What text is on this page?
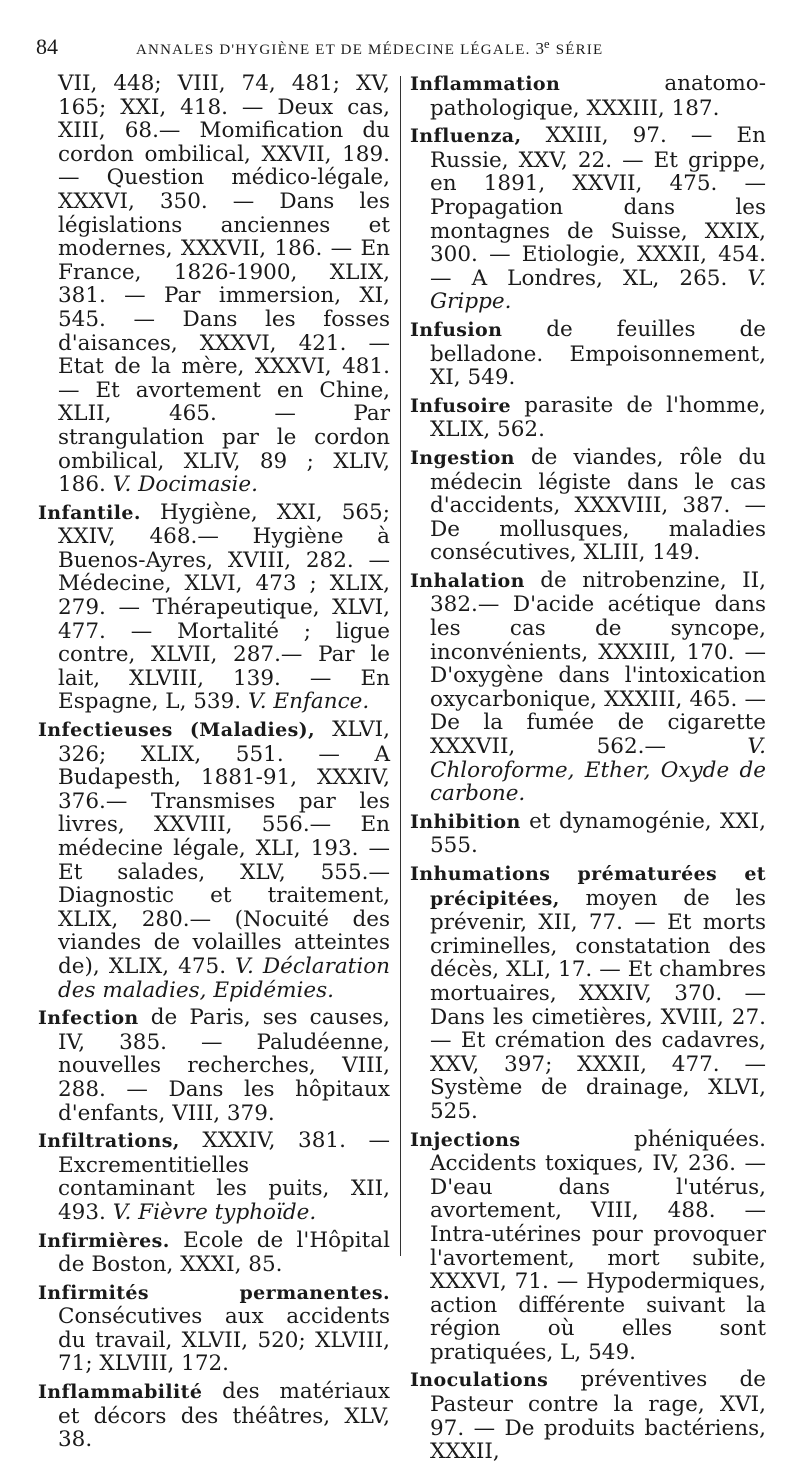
84	ANNALES D'HYGIÈNE ET DE MÉDECINE LÉGALE. 3e SÉRIE

VII, 448; VIII, 74, 481; XV, 165; XXI, 418. — Deux cas, XIII, 68.— Momification du cordon ombilical, XXVII, 189. — Question médico-légale, XXXVI, 350. — Dans les législations anciennes et modernes, XXXVII, 186. — En France, 1826-1900, XLIX, 381. — Par immersion, XI, 545. — Dans les fosses d'aisances, XXXVI, 421. — Etat de la mère, XXXVI, 481. — Et avortement en Chine, XLII, 465. — Par strangulation par le cordon ombilical, XLIV, 89 ; XLIV, 186. V. Docimasie.

Infantile. Hygiène, XXI, 565; XXIV, 468.— Hygiène à Buenos-Ayres, XVIII, 282. — Médecine, XLVI, 473 ; XLIX, 279. — Thérapeutique, XLVI, 477. — Mortalité ; ligue contre, XLVII, 287.— Par le lait, XLVIII, 139. — En Espagne, L, 539. V. Enfance.

Infectieuses (Maladies), XLVI, 326; XLIX, 551. — A Budapesth, 1881-91, XXXIV, 376.— Transmises par les livres, XXVIII, 556.— En médecine légale, XLI, 193. — Et salades, XLV, 555.— Diagnostic et traitement, XLIX, 280.— (Nocuité des viandes de volailles atteintes de), XLIX, 475. V. Déclaration des maladies, Epidémies.

Infection de Paris, ses causes, IV, 385. — Paludéenne, nouvelles recherches, VIII, 288. — Dans les hôpitaux d'enfants, VIII, 379.

Infiltrations, XXXIV, 381. — Excrementitielles contaminant les puits, XII, 493. V. Fièvre typhoïde.

Infirmières. Ecole de l'Hôpital de Boston, XXXI, 85.

Infirmités permanentes. Consécutives aux accidents du travail, XLVII, 520; XLVIII, 71; XLVIII, 172.

Inflammabilité des matériaux et décors des théâtres, XLV, 38.

Inflammation	anatomo-pathologique, XXXIII, 187.

Influenza, XXIII, 97. — En Russie, XXV, 22. — Et grippe, en 1891, XXVII, 475. — Propagation dans les montagnes de Suisse, XXIX, 300. — Etiologie, XXXII, 454. — A Londres, XL, 265. V. Grippe.

Infusion de feuilles de belladone. Empoisonnement, XI, 549.

Infusoire parasite de l'homme, XLIX, 562.

Ingestion de viandes, rôle du médecin légiste dans le cas d'accidents, XXXVIII, 387. — De mollusques, maladies consécutives, XLIII, 149.

Inhalation de nitrobenzine, II, 382.— D'acide acétique dans les cas de syncope, inconvénients, XXXIII, 170. — D'oxygène dans l'intoxication oxycarbonique, XXXIII, 465. — De la fumée de cigarette XXXVII, 562.—	V. Chloroforme, Ether, Oxyde de carbone.

Inhibition et dynamogénie, XXI, 555.

Inhumations prématurées et précipitées, moyen de les prévenir, XII, 77. — Et morts criminelles, constatation des décès, XLI, 17. — Et chambres mortuaires, XXXIV, 370. — Dans les cimetières, XVIII, 27. — Et crémation des cadavres, XXV, 397; XXXII, 477. — Système de drainage, XLVI, 525.

Injections	phéniquées. Accidents toxiques, IV, 236. — D'eau dans l'utérus, avortement, VIII, 488. — Intra-utérines pour provoquer l'avortement, mort subite, XXXVI, 71. — Hypodermiques, action différente suivant la région où elles sont pratiquées, L, 549.

Inoculations préventives de Pasteur contre la rage, XVI, 97. — De produits bactériens, XXXII,
